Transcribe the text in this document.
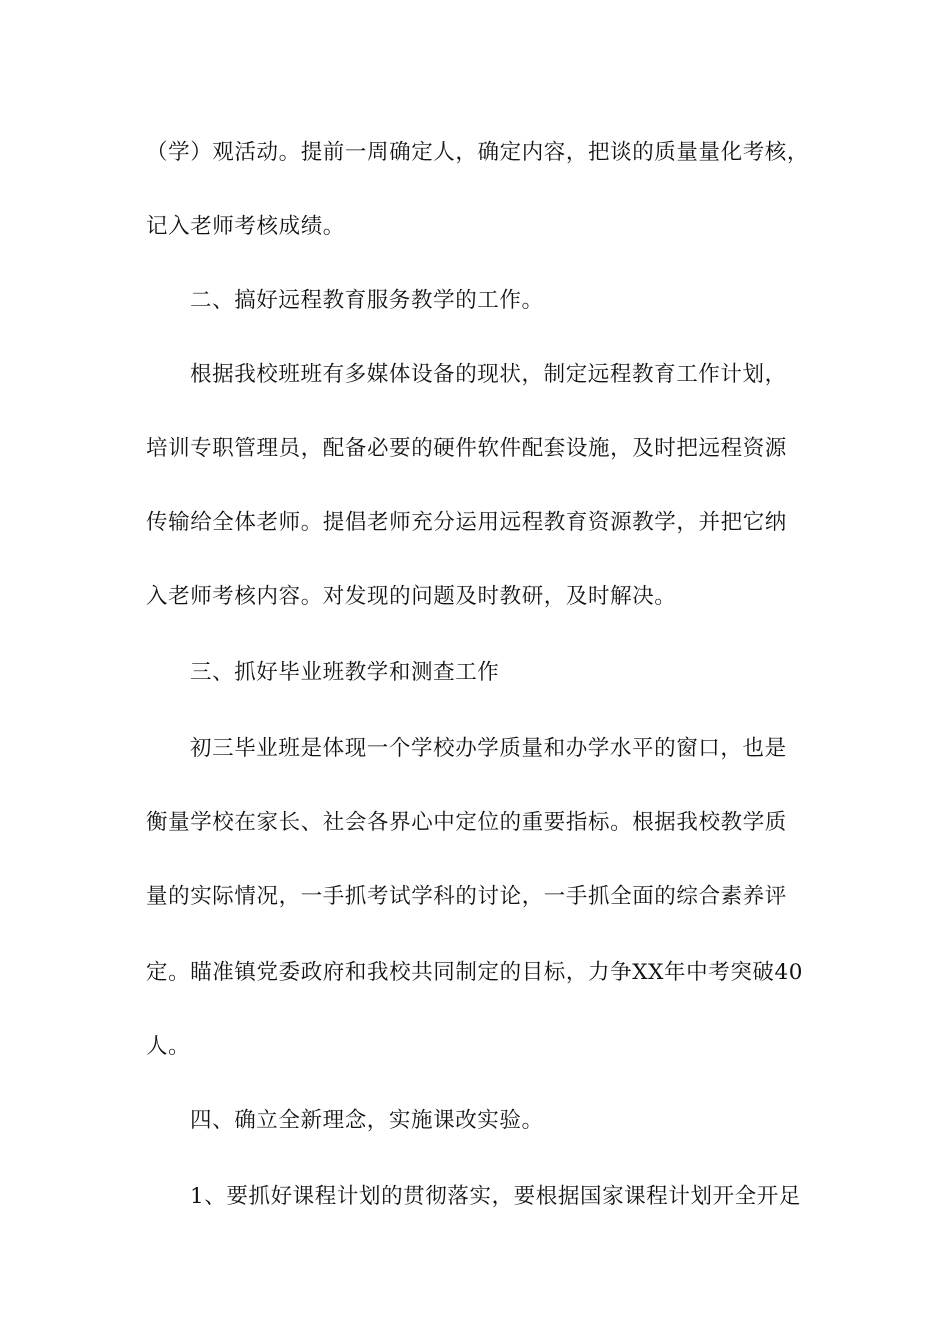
（学）观活动。提前一周确定人，确定内容，把谈的质量量化考核，
记入老师考核成绩。
二、搞好远程教育服务教学的工作。
根据我校班班有多媒体设备的现状，制定远程教育工作计划，
培训专职管理员，配备必要的硬件软件配套设施，及时把远程资源
传输给全体老师。提倡老师充分运用远程教育资源教学，并把它纳
入老师考核内容。对发现的问题及时教研，及时解决。
三、抓好毕业班教学和测查工作
初三毕业班是体现一个学校办学质量和办学水平的窗口，也是
衡量学校在家长、社会各界心中定位的重要指标。根据我校教学质
量的实际情况，一手抓考试学科的讨论，一手抓全面的综合素养评
定。瞄准镇党委政府和我校共同制定的目标，力争XX年中考突破40
人。
四、确立全新理念，实施课改实验。
1、要抓好课程计划的贯彻落实，要根据国家课程计划开全开足
